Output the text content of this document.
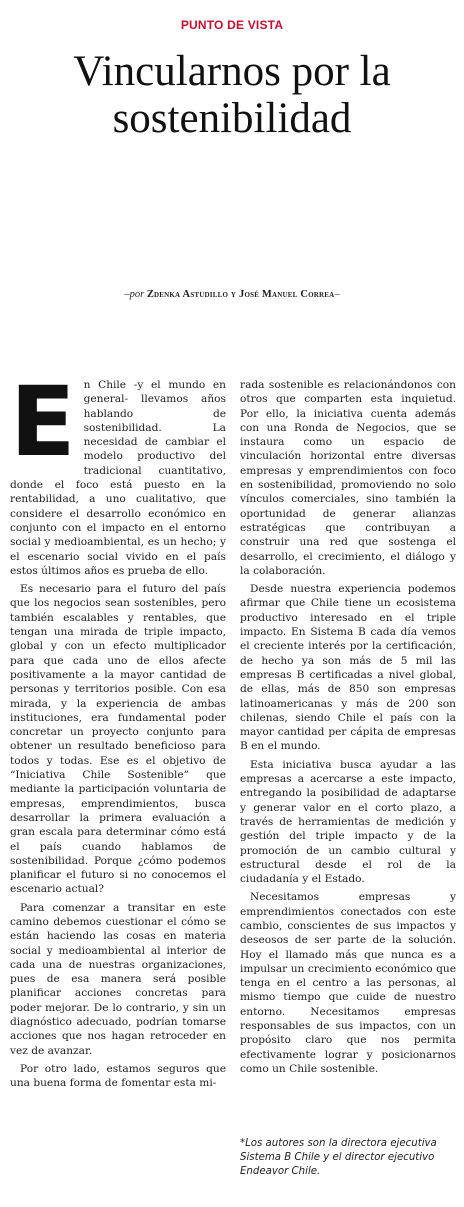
PUNTO DE VISTA
Vincularnos por la
sostenibilidad
–por Zdenka Astudillo y José Manuel Correa–

En Chile -y el mundo en general- llevamos años hablando de sostenibilidad. La necesidad de cambiar el modelo productivo del tradicional cuantitativo, donde el foco está puesto en la rentabilidad, a uno cualitativo, que considere el desarrollo económico en conjunto con el impacto en el entorno social y medioambiental, es un hecho; y el escenario social vivido en el país estos últimos años es prueba de ello.

Es necesario para el futuro del país que los negocios sean sostenibles, pero también escalables y rentables, que tengan una mirada de triple impacto, global y con un efecto multiplicador para que cada uno de ellos afecte positivamente a la mayor cantidad de personas y territorios posible. Con esa mirada, y la experiencia de ambas instituciones, era fundamental poder concretar un proyecto conjunto para obtener un resultado beneficioso para todos y todas. Ese es el objetivo de “Iniciativa Chile Sostenible” que mediante la participación voluntaria de empresas, emprendimientos, busca desarrollar la primera evaluación a gran escala para determinar cómo está el país cuando hablamos de sostenibilidad. Porque ¿cómo podemos planificar el futuro si no conocemos el escenario actual?

Para comenzar a transitar en este camino debemos cuestionar el cómo se están haciendo las cosas en materia social y medioambiental al interior de cada una de nuestras organizaciones, pues de esa manera será posible planificar acciones concretas para poder mejorar. De lo contrario, y sin un diagnóstico adecuado, podrían tomarse acciones que nos hagan retroceder en vez de avanzar.

Por otro lado, estamos seguros que una buena forma de fomentar esta mi-

rada sostenible es relacionándonos con otros que comparten esta inquietud. Por ello, la iniciativa cuenta además con una Ronda de Negocios, que se instaura como un espacio de vinculación horizontal entre diversas empresas y emprendimientos con foco en sostenibilidad, promoviendo no solo vínculos comerciales, sino también la oportunidad de generar alianzas estratégicas que contribuyan a construir una red que sostenga el desarrollo, el crecimiento, el diálogo y la colaboración.

Desde nuestra experiencia podemos afirmar que Chile tiene un ecosistema productivo interesado en el triple impacto. En Sistema B cada día vemos el creciente interés por la certificación, de hecho ya son más de 5 mil las empresas B certificadas a nivel global, de ellas, más de 850 son empresas latinoamericanas y más de 200 son chilenas, siendo Chile el país con la mayor cantidad per cápita de empresas B en el mundo.

Esta iniciativa busca ayudar a las empresas a acercarse a este impacto, entregando la posibilidad de adaptarse y generar valor en el corto plazo, a través de herramientas de medición y gestión del triple impacto y de la promoción de un cambio cultural y estructural desde el rol de la ciudadanía y el Estado.

Necesitamos empresas y emprendimientos conectados con este cambio, conscientes de sus impactos y deseosos de ser parte de la solución. Hoy el llamado más que nunca es a impulsar un crecimiento económico que tenga en el centro a las personas, al mismo tiempo que cuide de nuestro entorno. Necesitamos empresas responsables de sus impactos, con un propósito claro que nos permita efectivamente lograr y posicionarnos como un Chile sostenible.

*Los autores son la directora ejecutiva Sistema B Chile y el director ejecutivo Endeavor Chile.
